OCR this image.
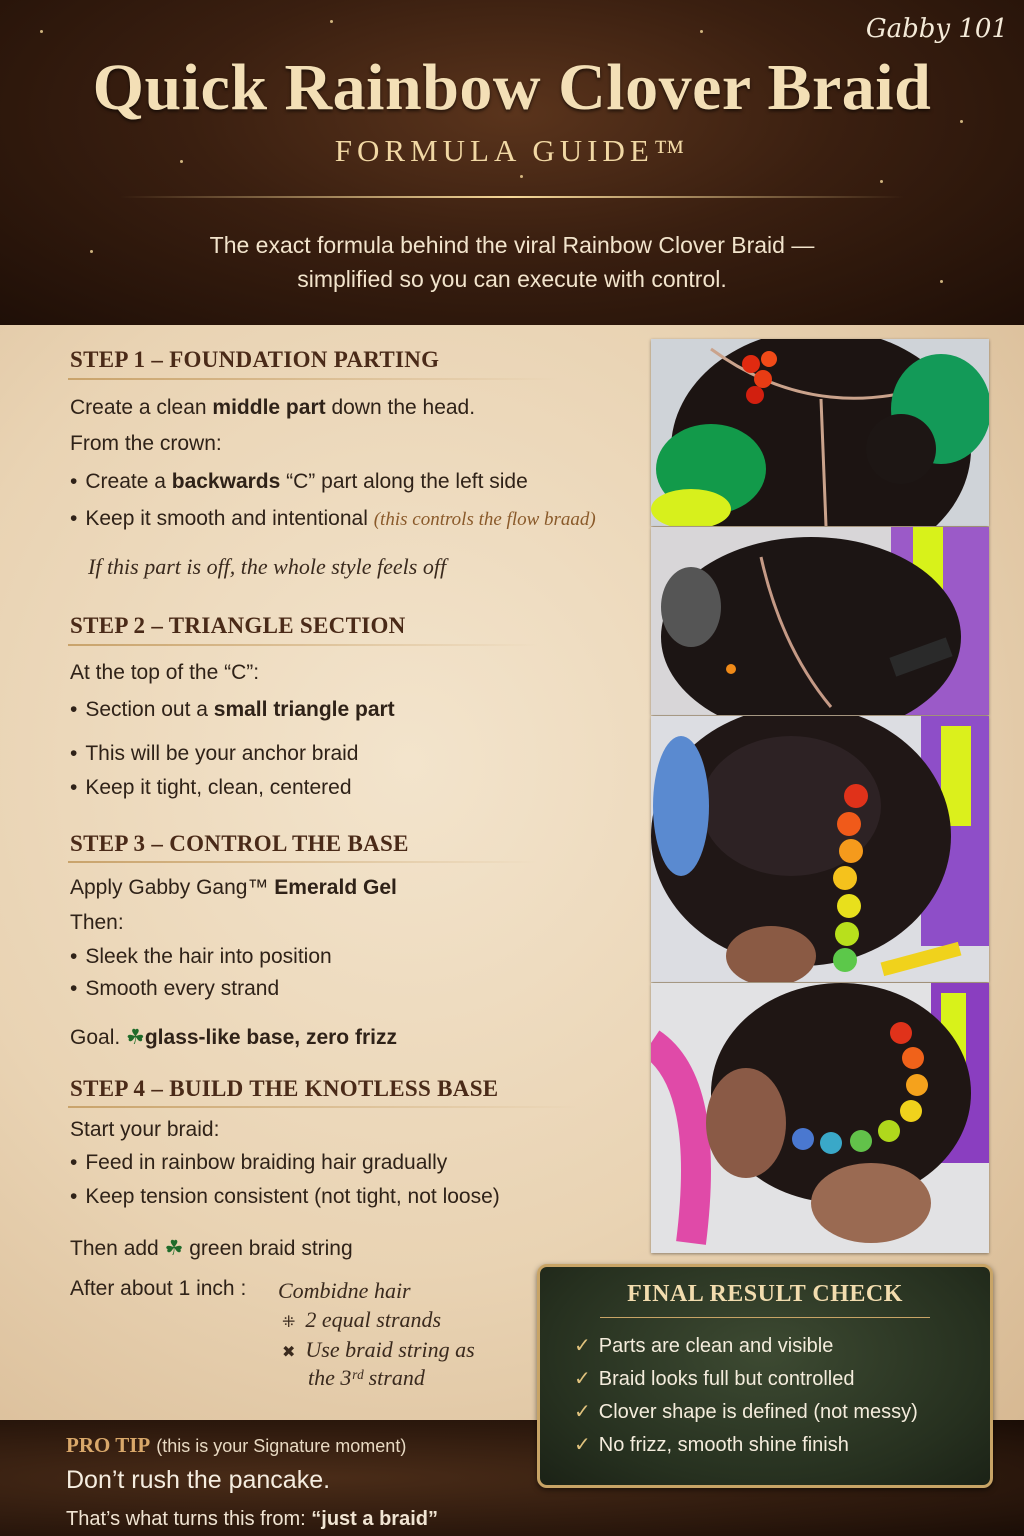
Gabby 101
Quick Rainbow Clover Braid
FORMULA GUIDE™
The exact formula behind the viral Rainbow Clover Braid —
simplified so you can execute with control.
STEP 1 – FOUNDATION PARTING
Create a clean middle part down the head.
From the crown:
• Create a backwards “C” part along the left side
• Keep it smooth and intentional (this controls the flow braad)
If this part is off, the whole style feels off
STEP 2 – TRIANGLE SECTION
At the top of the “C”:
• Section out a small triangle part
• This will be your anchor braid
• Keep it tight, clean, centered
STEP 3 – CONTROL THE BASE
Apply Gabby Gang™ Emerald Gel
Then:
• Sleek the hair into position
• Smooth every strand
Goal. ☘glass-like base, zero frizz
STEP 4 – BUILD THE KNOTLESS BASE
Start your braid:
• Feed in rainbow braiding hair gradually
• Keep tension consistent (not tight, not loose)
Then add ☘ green braid string
After about 1 inch : Combidne hair
⁜ 2 equal strands
✖ Use braid string as
the 3ʳᵈ strand
PRO TIP (this is your Signature moment)
Don’t rush the pancake.
That’s what turns this from: “just a braid”
FINAL RESULT CHECK
✓ Parts are clean and visible
✓ Braid looks full but controlled
✓ Clover shape is defined (not messy)
✓ No frizz, smooth shine finish
